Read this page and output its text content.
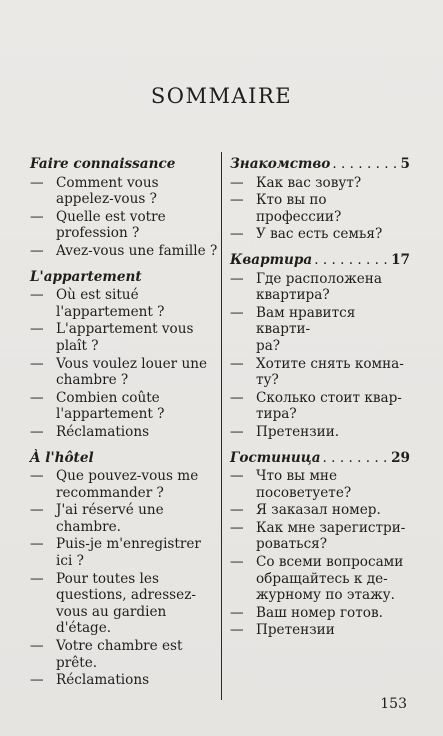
SOMMAIRE
Faire connaissance
— Comment vous
appelez-vous ?
— Quelle est votre
profession ?
— Avez-vous une famille ?
L'appartement
— Où est situé
l'appartement ?
— L'appartement vous
plaît ?
— Vous voulez louer une
chambre ?
— Combien coûte
l'appartement ?
— Réclamations
À l'hôtel
— Que pouvez-vous me
recommander ?
— J'ai réservé une
chambre.
— Puis-je m'enregistrer
ici ?
— Pour toutes les
questions, adressez-
vous au gardien
d'étage.
— Votre chambre est
prête.
— Réclamations
Знакомство . . .	5
— Как вас зовут?

— Кто вы по профессии?

— У вас есть семья?
Квартира . . .	17
— Где расположена
квартира?
— Вам нравится кварти-
ра?
— Хотите снять комна-
ту?
— Сколько стоит квар-
тира?
— Претензии.
Гостиница . . .	29
— Что вы мне
посоветуете?
— Я заказал номер.

— Как мне зарегистри-
роваться?
— Со всеми вопросами
обращайтесь к де-
журному по этажу.

— Ваш номер готов.

— Претензии
153
